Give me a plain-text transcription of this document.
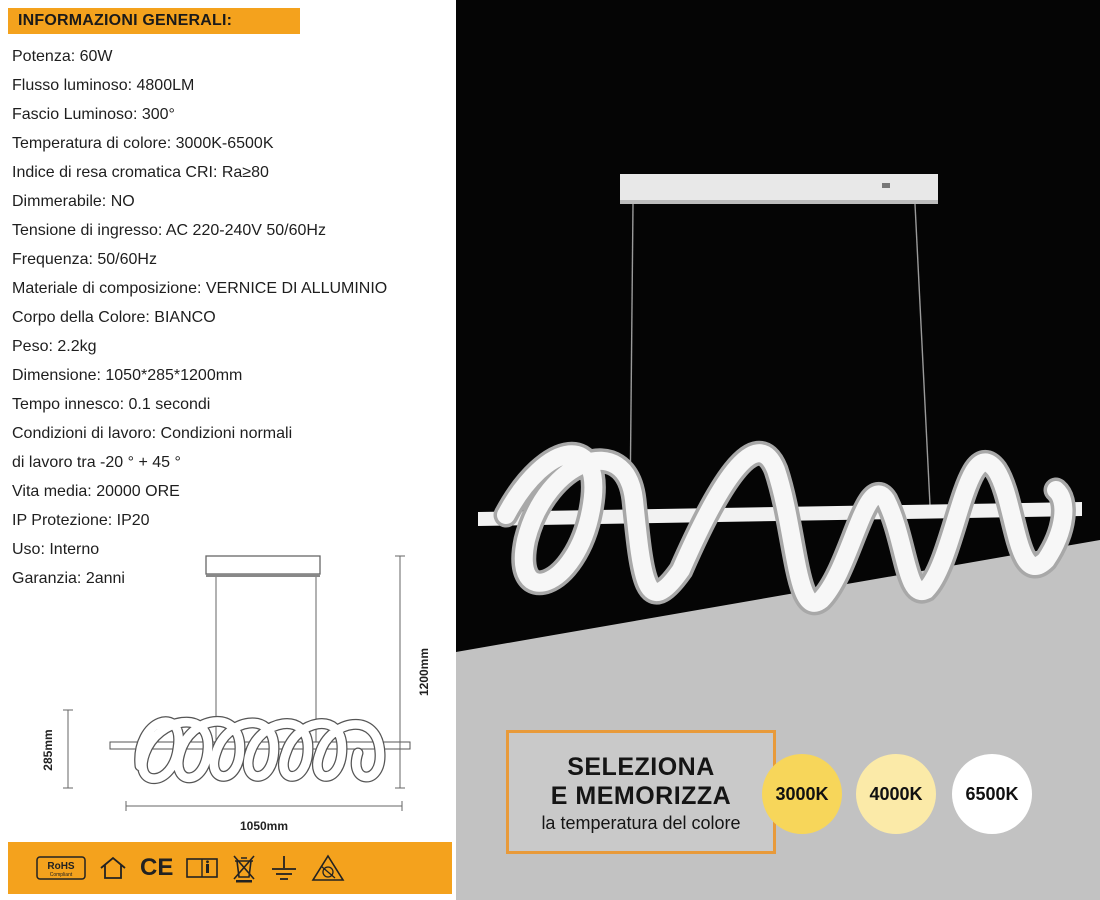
INFORMAZIONI GENERALI:
Potenza: 60W
Flusso luminoso: 4800LM
Fascio Luminoso: 300°
Temperatura di colore: 3000K-6500K
Indice di resa cromatica CRI: Ra≥80
Dimmerabile: NO
Tensione di ingresso: AC 220-240V 50/60Hz
Frequenza: 50/60Hz
Materiale di composizione: VERNICE DI ALLUMINIO
Corpo della Colore: BIANCO
Peso: 2.2kg
Dimensione: 1050*285*1200mm
Tempo innesco: 0.1 secondi
Condizioni di lavoro: Condizioni normali
di lavoro tra -20 ° + 45 °
Vita media: 20000 ORE
IP Protezione: IP20
Uso: Interno
Garanzia: 2anni
1200mm
285mm
1050mm
RoHS
Compliant	CE
SELEZIONA
E MEMORIZZA
la temperatura del colore
3000K 4000K 6500K
